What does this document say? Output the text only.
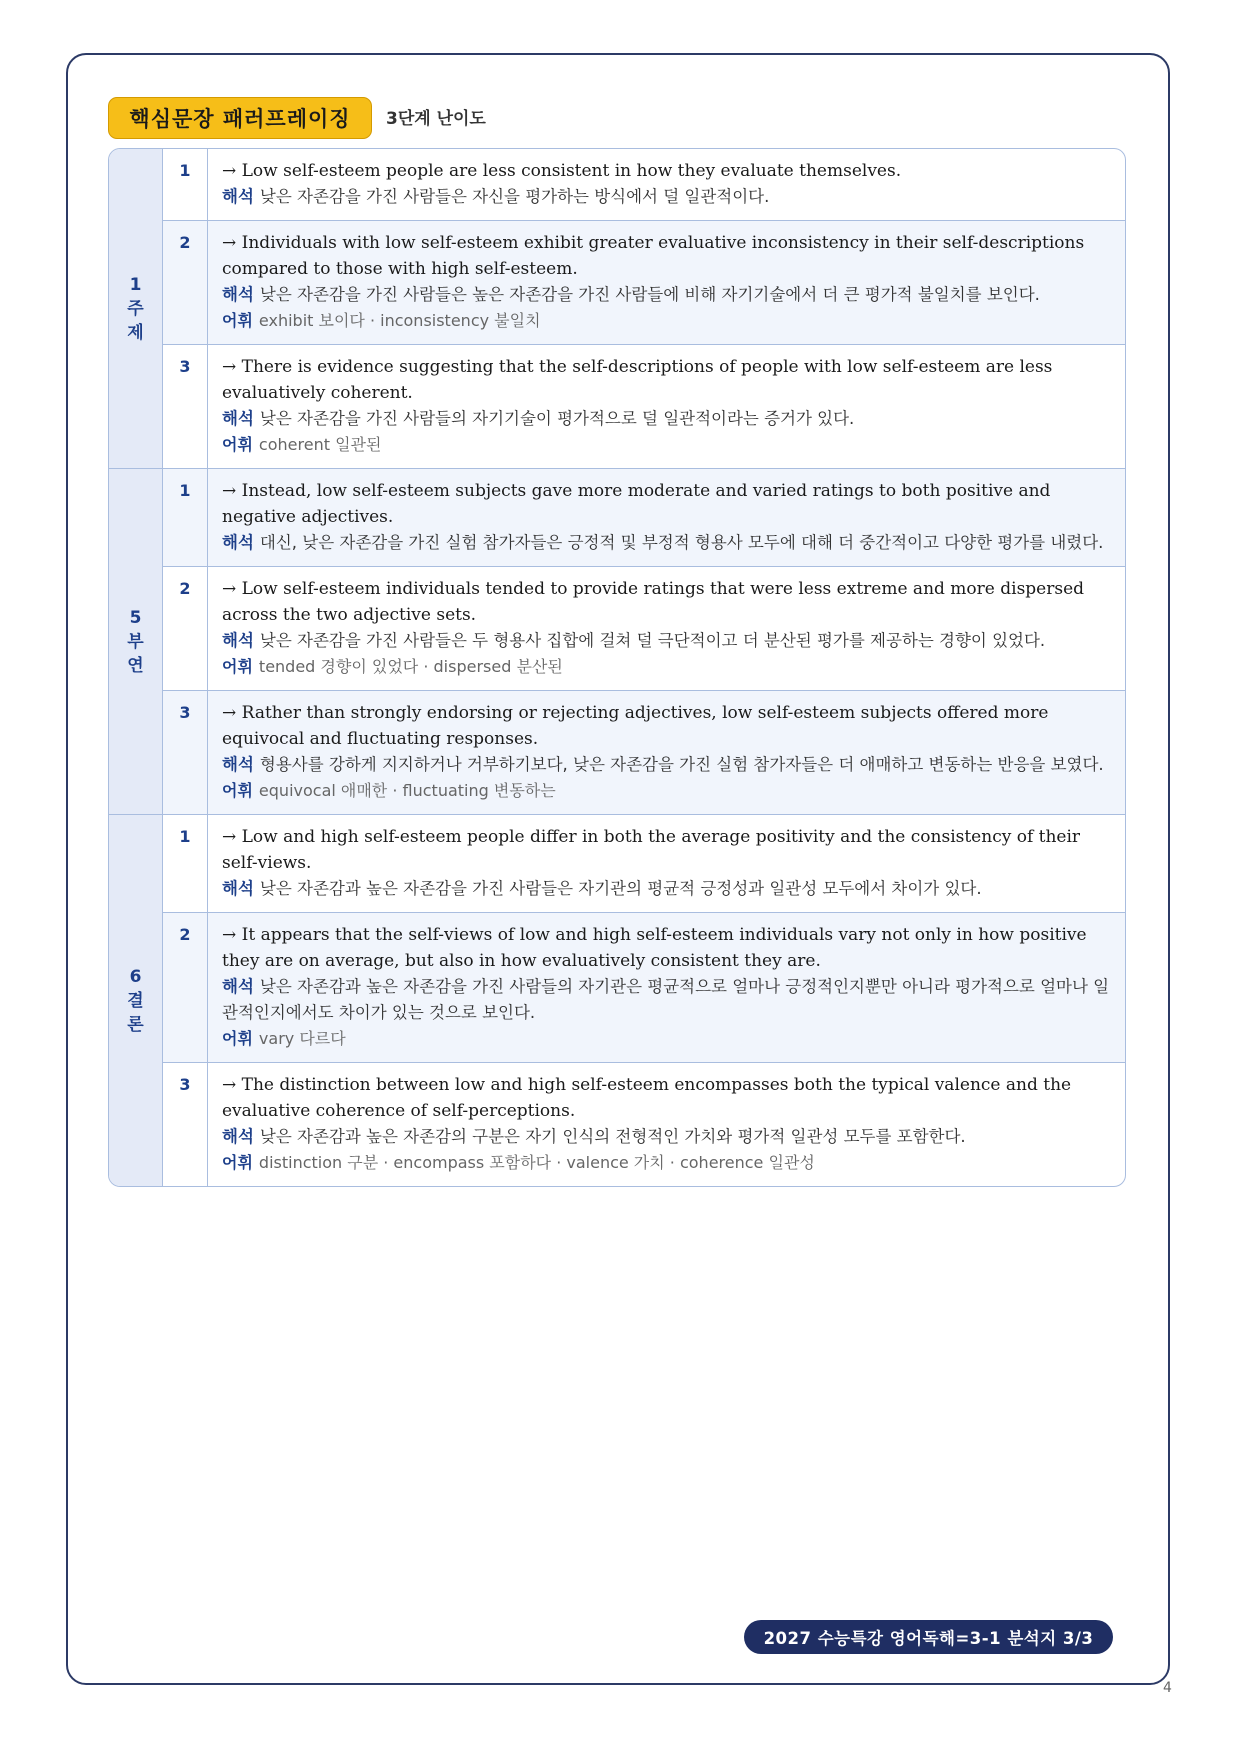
핵심문장 패러프레이징 3단계 난이도
1
주
제
1	→ Low self-esteem people are less consistent in how they evaluate themselves.
해석 낮은 자존감을 가진 사람들은 자신을 평가하는 방식에서 덜 일관적이다.
2	→ Individuals with low self-esteem exhibit greater evaluative inconsistency in their self-descriptions compared to those with high self-esteem.
해석 낮은 자존감을 가진 사람들은 높은 자존감을 가진 사람들에 비해 자기기술에서 더 큰 평가적 불일치를 보인다.
어휘 exhibit 보이다 · inconsistency 불일치
3	→ There is evidence suggesting that the self-descriptions of people with low self-esteem are less evaluatively coherent.
해석 낮은 자존감을 가진 사람들의 자기기술이 평가적으로 덜 일관적이라는 증거가 있다.
어휘 coherent 일관된
5
부
연
1	→ Instead, low self-esteem subjects gave more moderate and varied ratings to both positive and negative adjectives.
해석 대신, 낮은 자존감을 가진 실험 참가자들은 긍정적 및 부정적 형용사 모두에 대해 더 중간적이고 다양한 평가를 내렸다.
2	→ Low self-esteem individuals tended to provide ratings that were less extreme and more dispersed across the two adjective sets.
해석 낮은 자존감을 가진 사람들은 두 형용사 집합에 걸쳐 덜 극단적이고 더 분산된 평가를 제공하는 경향이 있었다.
어휘 tended 경향이 있었다 · dispersed 분산된
3	→ Rather than strongly endorsing or rejecting adjectives, low self-esteem subjects offered more equivocal and fluctuating responses.
해석 형용사를 강하게 지지하거나 거부하기보다, 낮은 자존감을 가진 실험 참가자들은 더 애매하고 변동하는 반응을 보였다.
어휘 equivocal 애매한 · fluctuating 변동하는
6
결
론
1	→ Low and high self-esteem people differ in both the average positivity and the consistency of their self-views.
해석 낮은 자존감과 높은 자존감을 가진 사람들은 자기관의 평균적 긍정성과 일관성 모두에서 차이가 있다.
2	→ It appears that the self-views of low and high self-esteem individuals vary not only in how positive they are on average, but also in how evaluatively consistent they are.
해석 낮은 자존감과 높은 자존감을 가진 사람들의 자기관은 평균적으로 얼마나 긍정적인지뿐만 아니라 평가적으로 얼마나 일관적인지에서도 차이가 있는 것으로 보인다.
어휘 vary 다르다
3	→ The distinction between low and high self-esteem encompasses both the typical valence and the evaluative coherence of self-perceptions.
해석 낮은 자존감과 높은 자존감의 구분은 자기 인식의 전형적인 가치와 평가적 일관성 모두를 포함한다.
어휘 distinction 구분 · encompass 포함하다 · valence 가치 · coherence 일관성
2027 수능특강 영어독해=3-1 분석지 3/3
4
